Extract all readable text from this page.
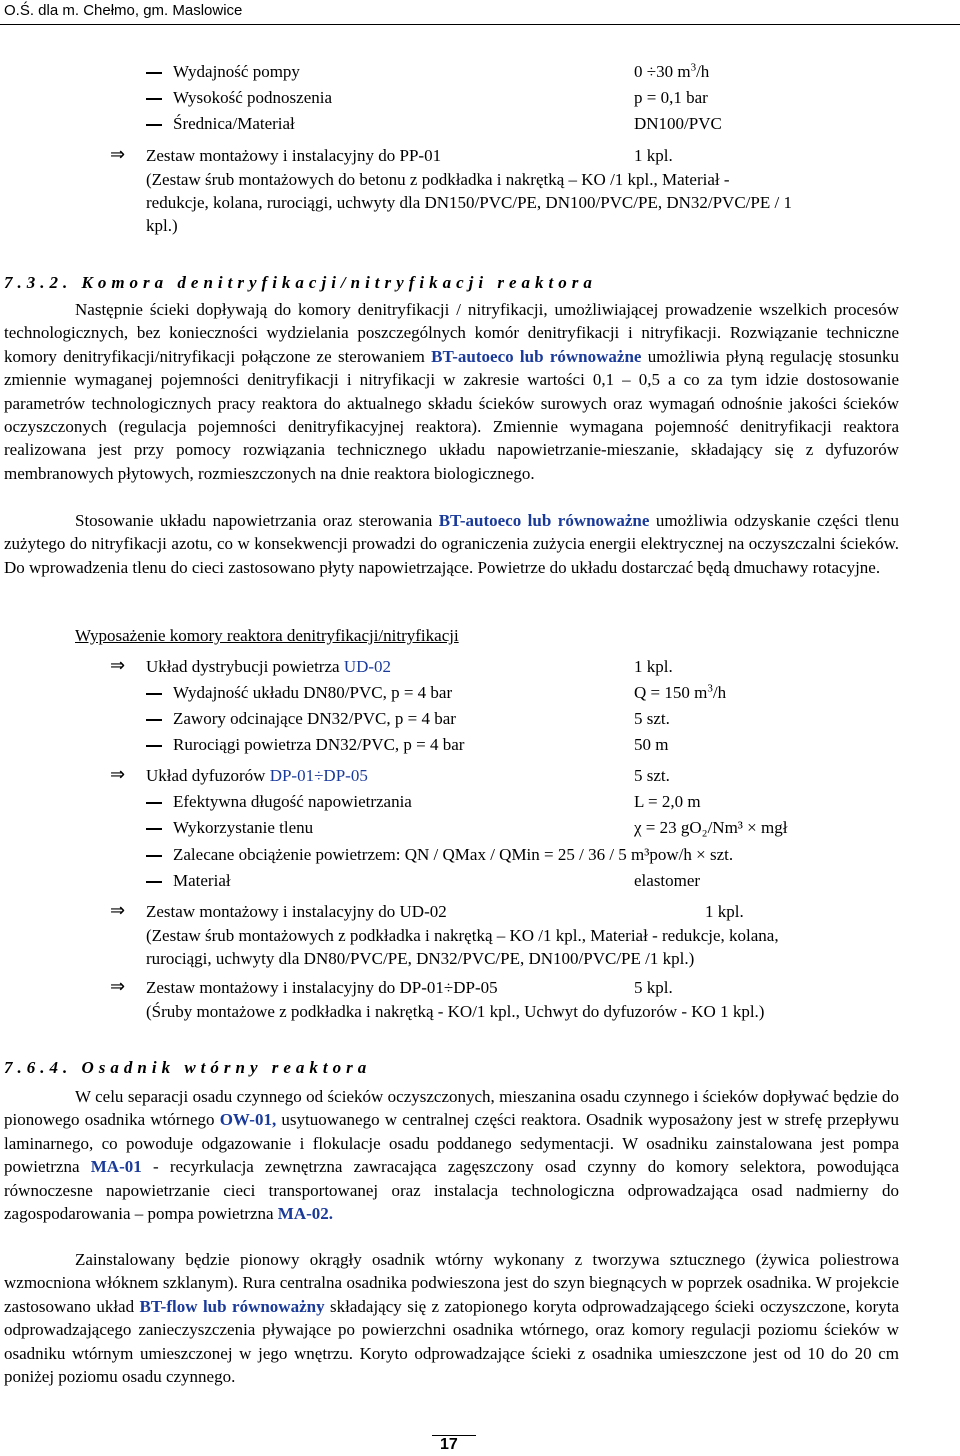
O.Ś. dla m. Chełmo, gm. Maslowice
Wydajność pompy	0 ÷30 $m^3/h$
Wysokość podnoszenia	p = 0,1 bar
Średnica/Materiał	DN100/PVC
⇒ Zestaw montażowy i instalacyjny do PP-01	1 kpl.
(Zestaw śrub montażowych do betonu z podkładka i nakrętką – KO /1 kpl., Materiał -
redukcje, kolana, rurociągi, uchwyty dla DN150/PVC/PE, DN100/PVC/PE, DN32/PVC/PE / 1
kpl.)
7.3.2. Komora denitryfikacji/nitryfikacji reaktora
Następnie ścieki dopływają do komory denitryfikacji / nitryfikacji, umożliwiającej prowadzenie wszelkich procesów technologicznych, bez konieczności wydzielania poszczególnych komór denitryfikacji i nitryfikacji. Rozwiązanie techniczne komory denitryfikacji/nitryfikacji połączone ze sterowaniem BT-autoeco lub równoważne umożliwia płyną regulację stosunku zmiennie wymaganej pojemności denitryfikacji i nitryfikacji w zakresie wartości 0,1 – 0,5 a co za tym idzie dostosowanie parametrów technologicznych pracy reaktora do aktualnego składu ścieków surowych oraz wymagań odnośnie jakości ścieków oczyszczonych (regulacja pojemności denitryfikacyjnej reaktora). Zmiennie wymagana pojemność denitryfikacji reaktora realizowana jest przy pomocy rozwiązania technicznego układu napowietrzanie-mieszanie, składający się z dyfuzorów membranowych płytowych, rozmieszczonych na dnie reaktora biologicznego.
Stosowanie układu napowietrzania oraz sterowania BT-autoeco lub równoważne umożliwia odzyskanie części tlenu zużytego do nitryfikacji azotu, co w konsekwencji prowadzi do ograniczenia zużycia energii elektrycznej na oczyszczalni ścieków. Do wprowadzenia tlenu do cieci zastosowano płyty napowietrzające. Powietrze do układu dostarczać będą dmuchawy rotacyjne.
Wyposażenie komory reaktora denitryfikacji/nitryfikacji
⇒ Układ dystrybucji powietrza UD-02	1 kpl.
Wydajność układu DN80/PVC, p = 4 bar	Q = 150 $m^3/h$
Zawory odcinające DN32/PVC, p = 4 bar	5 szt.
Rurociągi powietrza DN32/PVC, p = 4 bar	50 m
⇒ Układ dyfuzorów DP-01÷DP-05	5 szt.
Efektywna długość napowietrzania	L = 2,0 m
Wykorzystanie tlenu	χ = 23 gO₂/Nm³ × mgł
Zalecane obciążenie powietrzem: QN / QMax / QMin = 25 / 36 / 5 m³pow/h × szt.
Materiał	elastomer
⇒ Zestaw montażowy i instalacyjny do UD-02	1 kpl.
(Zestaw śrub montażowych z podkładka i nakrętką – KO /1 kpl., Materiał - redukcje, kolana,
rurociągi, uchwyty dla DN80/PVC/PE, DN32/PVC/PE, DN100/PVC/PE /1 kpl.)
⇒ Zestaw montażowy i instalacyjny do DP-01÷DP-05	5 kpl.
(Śruby montażowe z podkładka i nakrętką - KO/1 kpl., Uchwyt do dyfuzorów - KO 1 kpl.)
7.6.4. Osadnik wtórny reaktora
W celu separacji osadu czynnego od ścieków oczyszczonych, mieszanina osadu czynnego i ścieków dopływać będzie do pionowego osadnika wtórnego OW-01, usytuowanego w centralnej części reaktora. Osadnik wyposażony jest w strefę przepływu laminarnego, co powoduje odgazowanie i flokulacje osadu poddanego sedymentacji. W osadniku zainstalowana jest pompa powietrzna MA-01 - recyrkulacja zewnętrzna zawracająca zagęszczony osad czynny do komory selektora, powodująca równoczesne napowietrzanie cieci transportowanej oraz instalacja technologiczna odprowadzająca osad nadmierny do zagospodarowania – pompa powietrzna MA-02.
Zainstalowany będzie pionowy okrągły osadnik wtórny wykonany z tworzywa sztucznego (żywica poliestrowa wzmocniona włóknem szklanym). Rura centralna osadnika podwieszona jest do szyn biegnących w poprzek osadnika. W projekcie zastosowano układ BT-flow lub równoważny składający się z zatopionego koryta odprowadzającego ścieki oczyszczone, koryta odprowadzającego zanieczyszczenia pływające po powierzchni osadnika wtórnego, oraz komory regulacji poziomu ścieków w osadniku wtórnym umieszczonej w jego wnętrzu. Koryto odprowadzające ścieki z osadnika umieszczone jest od 10 do 20 cm poniżej poziomu osadu czynnego.
17
